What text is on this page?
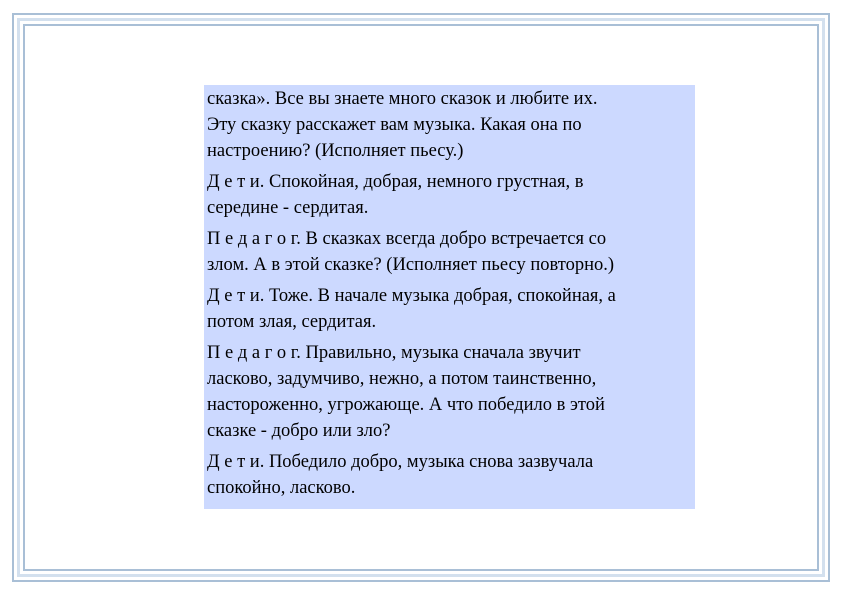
сказка». Все вы знаете много сказок и любите их.
Эту сказку расскажет вам музыка. Какая она по
настроению? (Исполняет пьесу.)

Д е т и. Спокойная, добрая, немного грустная, в
середине - сердитая.

П е д а г о г. В сказках всегда добро встречается со
злом. А в этой сказке? (Исполняет пьесу повторно.)

Д е т и. Тоже. В начале музыка добрая, спокойная, а
потом злая, сердитая.

П е д а г о г. Правильно, музыка сначала звучит
ласково, задумчиво, нежно, а потом таинственно,
настороженно, угрожающе. А что победило в этой
сказке - добро или зло?

Д е т и. Победило добро, музыка снова зазвучала
спокойно, ласково.
